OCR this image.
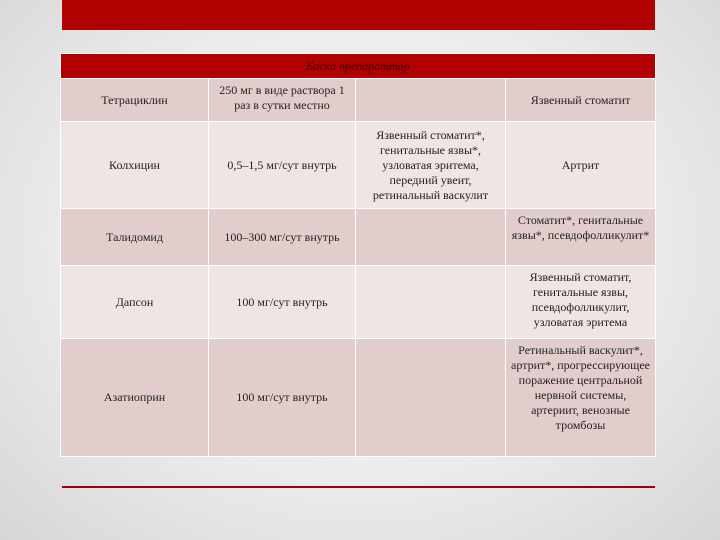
Баска препараттар			
Тетрациклин	250 мг в виде раствора 1 раз в сутки местно		Язвенный стоматит
Колхицин	0,5–1,5 мг/сут внутрь	Язвенный стоматит*, генитальные язвы*, узловатая эритема, передний увеит, ретинальный васкулит	Артрит
Талидомид	100–300 мг/сут внутрь		Стоматит*, генитальные язвы*, псевдофолликулит*
Дапсон	100 мг/сут внутрь		Язвенный стоматит, генитальные язвы, псевдофолликулит, узловатая эритема
Азатиоприн	100 мг/сут внутрь		Ретинальный васкулит*, артрит*, прогрессирующее поражение центральной нервной системы, артериит, венозные тромбозы
